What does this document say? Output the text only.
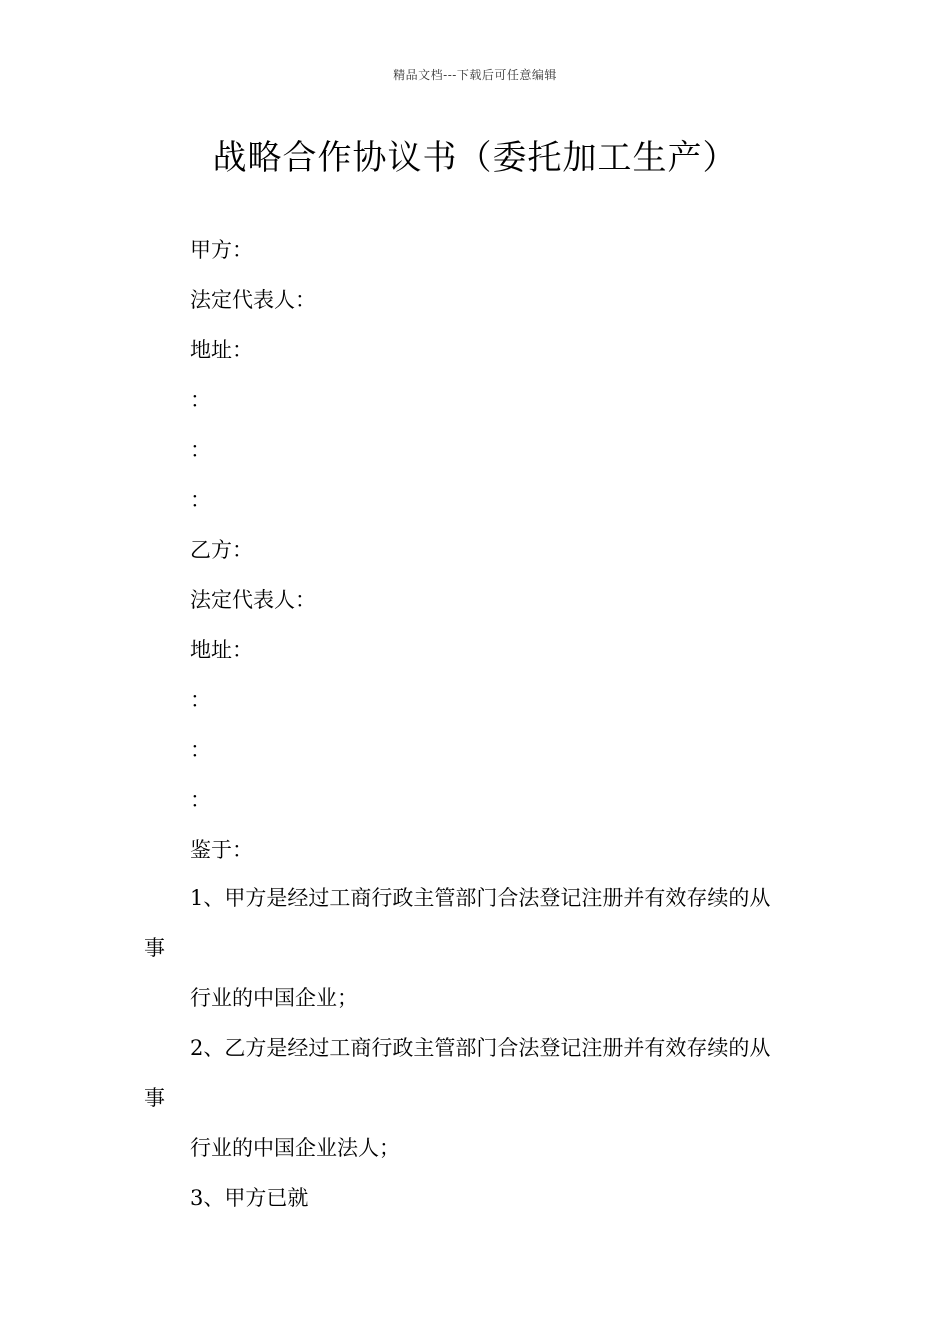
精品文档---下载后可任意编辑
战略合作协议书（委托加工生产）
甲方：
法定代表人：
地址：
：
：
：
乙方：
法定代表人：
地址：
：
：
：
鉴于：
1、甲方是经过工商行政主管部门合法登记注册并有效存续的从
事
行业的中国企业；
2、乙方是经过工商行政主管部门合法登记注册并有效存续的从
事
行业的中国企业法人；
3、甲方已就
